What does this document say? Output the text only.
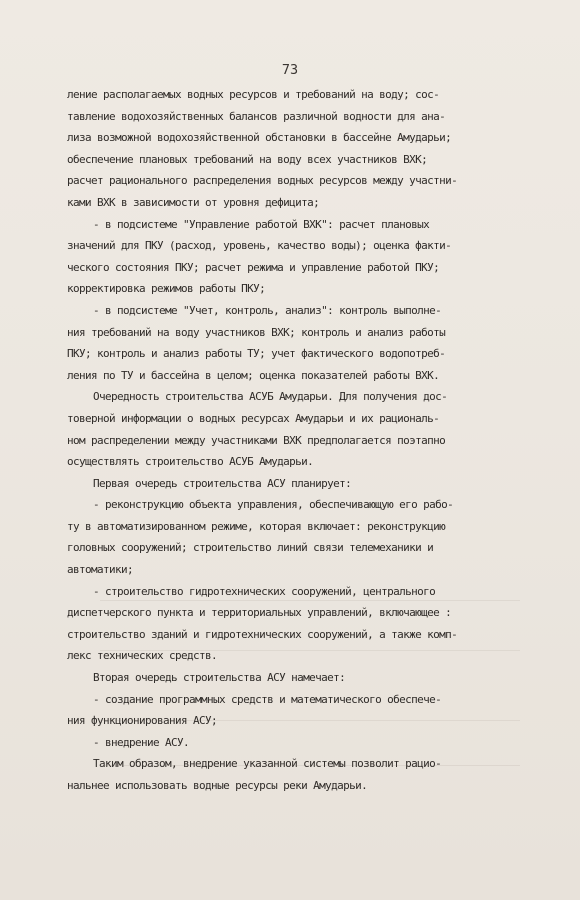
73
ление располагаемых водных ресурсов и требований на воду; сос-
тавление водохозяйственных балансов различной водности для ана-
лиза возможной водохозяйственной обстановки в бассейне Амударьи;
обеспечение плановых требований на воду всех участников ВХК;
расчет рационального распределения водных ресурсов между участни-
ками ВХК в зависимости от уровня дефицита;
- в подсистеме "Управление работой ВХК": расчет плановых
значений для ПКУ (расход, уровень, качество воды); оценка факти-
ческого состояния ПКУ; расчет режима и управление работой ПКУ;
корректировка режимов работы ПКУ;
- в подсистеме "Учет, контроль, анализ": контроль выполне-
ния требований на воду участников ВХК; контроль и анализ работы
ПКУ; контроль и анализ работы ТУ; учет фактического водопотреб-
ления по ТУ и бассейна в целом; оценка показателей работы ВХК.
Очередность строительства АСУБ Амударьи. Для получения дос-
товерной информации о водных ресурсах Амударьи и их рациональ-
ном распределении между участниками ВХК предполагается поэтапно
осуществлять строительство АСУБ Амударьи.
Первая очередь строительства АСУ планирует:
- реконструкцию объекта управления, обеспечивающую его рабо-
ту в автоматизированном режиме, которая включает: реконструкцию
головных сооружений; строительство линий связи телемеханики и
автоматики;
- строительство гидротехнических сооружений, центрального
диспетчерского пункта и территориальных управлений, включающее :
строительство зданий и гидротехнических сооружений, а также комп-
лекс технических средств.
Вторая очередь строительства АСУ намечает:
- создание программных средств и математического обеспече-
ния функционирования АСУ;
- внедрение АСУ.
Таким образом, внедрение указанной системы позволит рацио-
нальнее использовать водные ресурсы реки Амударьи.
